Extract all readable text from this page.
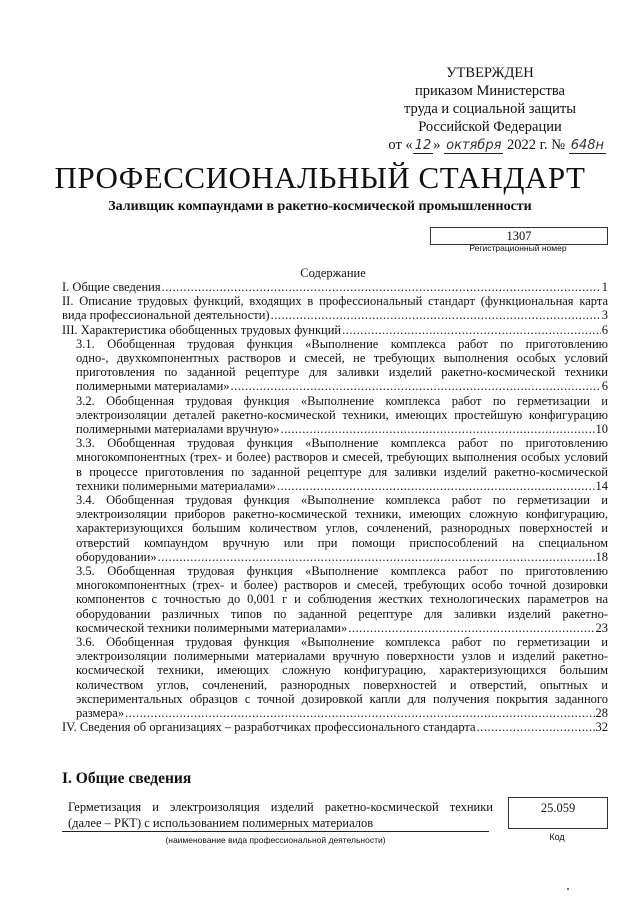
УТВЕРЖДЕН
приказом Министерства
труда и социальной защиты
Российской Федерации
от « 12 » октября 2022 г. № 648н
ПРОФЕССИОНАЛЬНЫЙ СТАНДАРТ
Заливщик компаундами в ракетно-космической промышленности
1307
Регистрационный номер
Содержание
I. Общие сведения .....	1
II. Описание трудовых функций, входящих в профессиональный стандарт (функциональная карта
вида профессиональной деятельности) .....	3
III. Характеристика обобщенных трудовых функций .....	6
3.1. Обобщенная трудовая функция «Выполнение комплекса работ по приготовлению
одно-, двухкомпонентных растворов и смесей, не требующих выполнения особых условий
приготовления по заданной рецептуре для заливки изделий ракетно-космической техники
полимерными материалами» .....	6
3.2. Обобщенная трудовая функция «Выполнение комплекса работ по герметизации и
электроизоляции деталей ракетно-космической техники, имеющих простейшую конфигурацию
полимерными материалами вручную» .....	10
3.3. Обобщенная трудовая функция «Выполнение комплекса работ по приготовлению
многокомпонентных (трех- и более) растворов и смесей, требующих выполнения особых условий
в процессе приготовления по заданной рецептуре для заливки изделий ракетно-космической
техники полимерными материалами» .....	14
3.4. Обобщенная трудовая функция «Выполнение комплекса работ по герметизации и
электроизоляции приборов ракетно-космической техники, имеющих сложную конфигурацию,
характеризующихся большим количеством углов, сочленений, разнородных поверхностей и
отверстий компаундом вручную или при помощи приспособлений на специальном
оборудовании» .....	18
3.5. Обобщенная трудовая функция «Выполнение комплекса работ по приготовлению
многокомпонентных (трех- и более) растворов и смесей, требующих особо точной дозировки
компонентов с точностью до 0,001 г и соблюдения жестких технологических параметров на
оборудовании различных типов по заданной рецептуре для заливки изделий ракетно-
космической техники полимерными материалами» .....	23
3.6. Обобщенная трудовая функция «Выполнение комплекса работ по герметизации и
электроизоляции полимерными материалами вручную поверхности узлов и изделий ракетно-
космической техники, имеющих сложную конфигурацию, характеризующихся большим
количеством углов, сочленений, разнородных поверхностей и отверстий, опытных и
экспериментальных образцов с точной дозировкой капли для получения покрытия заданного
размера» .....	28
IV. Сведения об организациях – разработчиках профессионального стандарта .....	32
I. Общие сведения
Герметизация и электроизоляция изделий ракетно-космической техники
(далее – РКТ) с использованием полимерных материалов
(наименование вида профессиональной деятельности)
25.059
Код
